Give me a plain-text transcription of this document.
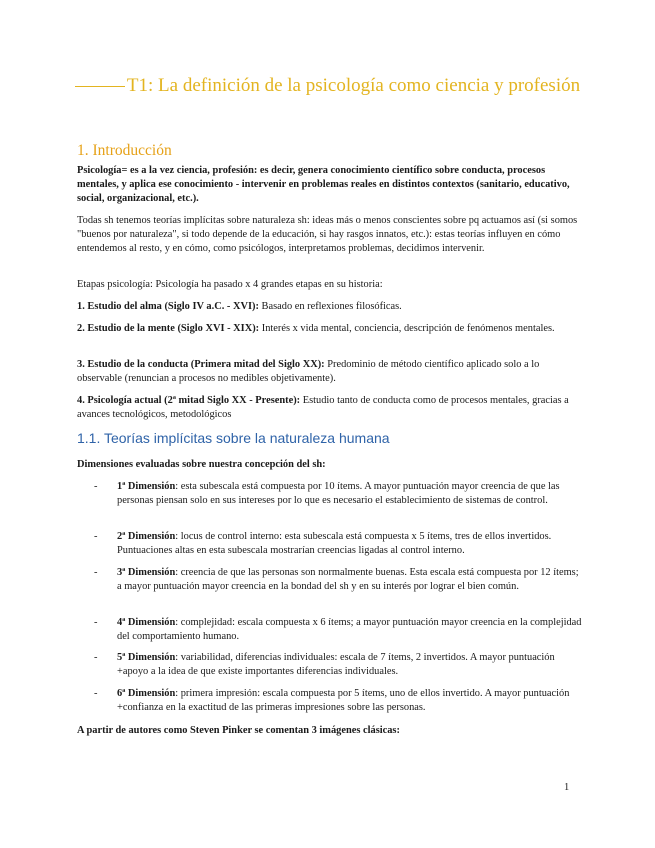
T1: La definición de la psicología como ciencia y profesión
1. Introducción

Psicología= es a la vez ciencia, profesión: es decir, genera conocimiento científico sobre conducta, procesos mentales, y aplica ese conocimiento - intervenir en problemas reales en distintos contextos (sanitario, educativo, social, organizacional, etc.).

Todas sh tenemos teorías implícitas sobre naturaleza sh: ideas más o menos conscientes sobre pq actuamos así (si somos "buenos por naturaleza", si todo depende de la educación, si hay rasgos innatos, etc.): estas teorías influyen en cómo entendemos al resto, y en cómo, como psicólogos, interpretamos problemas, decidimos intervenir.

Etapas psicología: Psicología ha pasado x 4 grandes etapas en su historia:

1. Estudio del alma (Siglo IV a.C. - XVI): Basado en reflexiones filosóficas.

2. Estudio de la mente (Siglo XVI - XIX): Interés x vida mental, conciencia, descripción de fenómenos mentales.

3. Estudio de la conducta (Primera mitad del Siglo XX): Predominio de método científico aplicado solo a lo observable (renuncian a procesos no medibles objetivamente).

4. Psicología actual (2ª mitad Siglo XX - Presente): Estudio tanto de conducta como de procesos mentales, gracias a avances tecnológicos, metodológicos

1.1. Teorías implícitas sobre la naturaleza humana

Dimensiones evaluadas sobre nuestra concepción del sh:

- 1ª Dimensión: esta subescala está compuesta por 10 ítems. A mayor puntuación mayor creencia de que las personas piensan solo en sus intereses por lo que es necesario el establecimiento de sistemas de control.

- 2ª Dimensión: locus de control interno: esta subescala está compuesta x 5 ítems, tres de ellos invertidos. Puntuaciones altas en esta subescala mostrarían creencias ligadas al control interno.

- 3ª Dimensión: creencia de que las personas son normalmente buenas. Esta escala está compuesta por 12 ítems; a mayor puntuación mayor creencia en la bondad del sh y en su interés por lograr el bien común.

- 4ª Dimensión: complejidad: escala compuesta x 6 ítems; a mayor puntuación mayor creencia en la complejidad del comportamiento humano.

- 5ª Dimensión: variabilidad, diferencias individuales: escala de 7 ítems, 2 invertidos. A mayor puntuación +apoyo a la idea de que existe importantes diferencias individuales.

- 6ª Dimensión: primera impresión: escala compuesta por 5 ítems, uno de ellos invertido. A mayor puntuación +confianza en la exactitud de las primeras impresiones sobre las personas.

A partir de autores como Steven Pinker se comentan 3 imágenes clásicas:

1
